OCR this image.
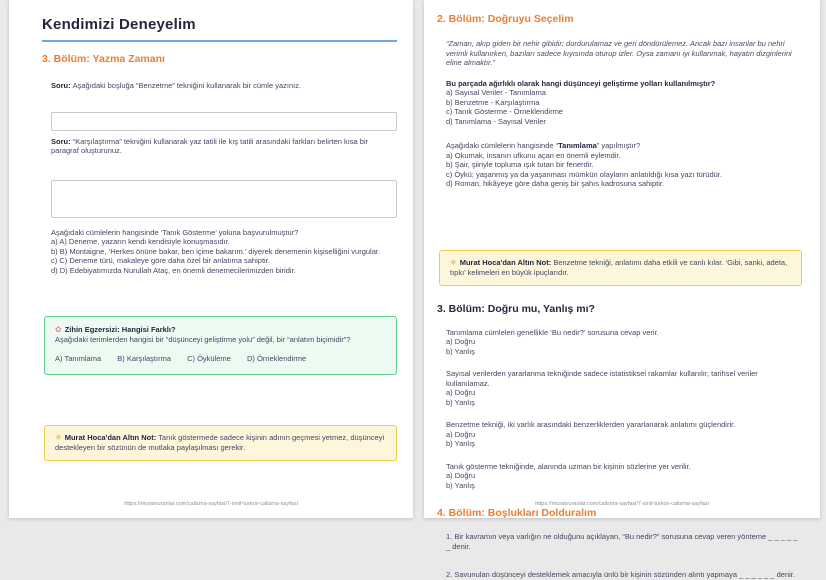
Kendimizi Deneyelim
3. Bölüm: Yazma Zamanı
Soru: Aşağıdaki boşluğa “Benzetme” tekniğini kullanarak bir cümle yazınız.
Soru: “Karşılaştırma” tekniğini kullanarak yaz tatili ile kış tatili arasındaki farkları belirten kısa bir paragraf oluşturunuz.
Aşağıdaki cümlelerin hangisinde ‘Tanık Gösterme’ yoluna başvurulmuştur?
a) A) Deneme, yazarın kendi kendisiyle konuşmasıdır.
b) B) Montaigne, ‘Herkes önüne bakar, ben içime bakarım.’ diyerek denemenin kişiselliğini vurgular.
c) C) Deneme türü, makaleye göre daha özel bir anlatıma sahiptir.
d) D) Edebiyatımızda Nurullah Ataç, en önemli denemecilerimizden biridir.
✿ Zihin Egzersizi: Hangisi Farklı?
Aşağıdaki terimlerden hangisi bir “düşünceyi geliştirme yolu” değil, bir “anlatım biçimidir”?
A) Tanımlama B) Karşılaştırma C) Öyküleme D) Örneklendirme
✳ Murat Hoca'dan Altın Not: Tanık göstermede sadece kişinin adının geçmesi yetmez, düşünceyi destekleyen bir sözünün de mutlaka paylaşılması gerekir.
https://muratvuranlar.com/calisma-sayfasi/7-sinif-turkce-calisma-sayfasi
2. Bölüm: Doğruyu Seçelim
“Zaman, akıp giden bir nehir gibidir; durdurulamaz ve geri döndürülemez. Ancak bazı insanlar bu nehri verimli kullanırken, bazıları sadece kıyısında oturup izler. Oysa zamanı iyi kullanmak, hayatın dizginlerini eline almaktır.”
Bu parçada ağırlıklı olarak hangi düşünceyi geliştirme yolları kullanılmıştır?
a) Sayısal Veriler - Tanımlama
b) Benzetme - Karşılaştırma
c) Tanık Gösterme - Örneklendirme
d) Tanımlama - Sayısal Veriler
Aşağıdaki cümlelerin hangisinde “Tanımlama” yapılmıştır?
a) Okumak, insanın ufkunu açan en önemli eylemdir.
b) Şair, şiiriyle topluma ışık tutan bir fenerdir.
c) Öykü; yaşanmış ya da yaşanması mümkün olayların anlatıldığı kısa yazı türüdür.
d) Roman, hikâyeye göre daha geniş bir şahıs kadrosuna sahiptir.
✳ Murat Hoca'dan Altın Not: Benzetme tekniği, anlatımı daha etkili ve canlı kılar. ‘Gibi, sanki, adeta, tıpkı’ kelimeleri en büyük ipuçlarıdır.
3. Bölüm: Doğru mu, Yanlış mı?
Tanımlama cümleleri genellikle ‘Bu nedir?’ sorusuna cevap verir.
a) Doğru
b) Yanlış
Sayısal verilerden yararlanma tekniğinde sadece istatistiksel rakamlar kullanılır, tarihsel veriler kullanılamaz.
a) Doğru
b) Yanlış
Benzetme tekniği, iki varlık arasındaki benzerliklerden yararlanarak anlatımı güçlendirir.
a) Doğru
b) Yanlış
Tanık gösterme tekniğinde, alanında uzman bir kişinin sözlerine yer verilir.
a) Doğru
b) Yanlış
4. Bölüm: Boşlukları Dolduralım
1. Bir kavramın veya varlığın ne olduğunu açıklayan, “Bu nedir?” sorusuna cevap veren yönteme _ _ _ _ _ _ denir.
2. Savunulan düşünceyi desteklemek amacıyla ünlü bir kişinin sözünden alıntı yapmaya _ _ _ _ _ _ denir.
https://muratvuranlar.com/calisma-sayfasi/7-sinif-turkce-calisma-sayfasi
